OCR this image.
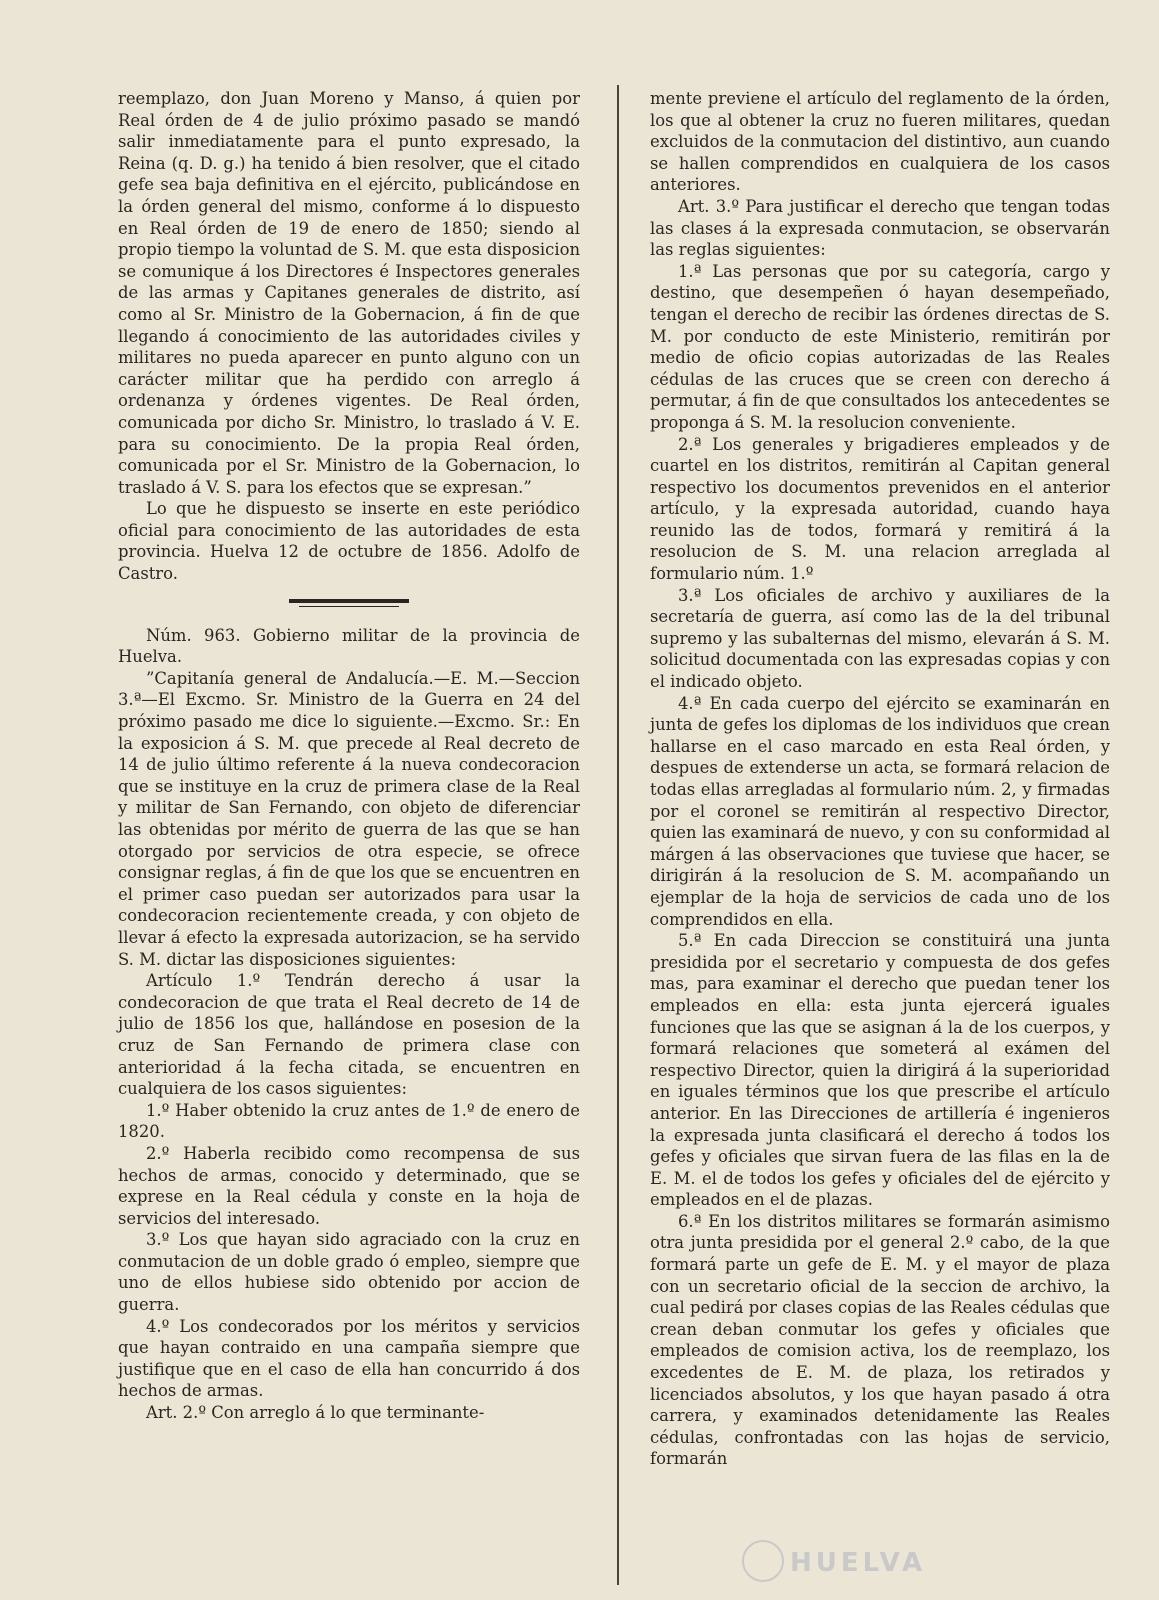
reemplazo, don Juan Moreno y Manso, á quien por Real órden de 4 de julio próximo pasado se mandó salir inmediatamente para el punto expresado, la Reina (q. D. g.) ha tenido á bien resolver, que el citado gefe sea baja definitiva en el ejército, publicándose en la órden general del mismo, conforme á lo dispuesto en Real órden de 19 de enero de 1850; siendo al propio tiempo la voluntad de S. M. que esta disposicion se comunique á los Directores é Inspectores generales de las armas y Capitanes generales de distrito, así como al Sr. Ministro de la Gobernacion, á fin de que llegando á conocimiento de las autoridades civiles y militares no pueda aparecer en punto alguno con un carácter militar que ha perdido con arreglo á ordenanza y órdenes vigentes. De Real órden, comunicada por dicho Sr. Ministro, lo traslado á V. E. para su conocimiento. De la propia Real órden, comunicada por el Sr. Ministro de la Gobernacion, lo traslado á V. S. para los efectos que se expresan.”

Lo que he dispuesto se inserte en este periódico oficial para conocimiento de las autoridades de esta provincia. Huelva 12 de octubre de 1856. Adolfo de Castro.

Núm. 963. Gobierno militar de la provincia de Huelva.

”Capitanía general de Andalucía.—E. M.—Seccion 3.ª—El Excmo. Sr. Ministro de la Guerra en 24 del próximo pasado me dice lo siguiente.—Excmo. Sr.: En la exposicion á S. M. que precede al Real decreto de 14 de julio último referente á la nueva condecoracion que se instituye en la cruz de primera clase de la Real y militar de San Fernando, con objeto de diferenciar las obtenidas por mérito de guerra de las que se han otorgado por servicios de otra especie, se ofrece consignar reglas, á fin de que los que se encuentren en el primer caso puedan ser autorizados para usar la condecoracion recientemente creada, y con objeto de llevar á efecto la expresada autorizacion, se ha servido S. M. dictar las disposiciones siguientes:

Artículo 1.º Tendrán derecho á usar la condecoracion de que trata el Real decreto de 14 de julio de 1856 los que, hallándose en posesion de la cruz de San Fernando de primera clase con anterioridad á la fecha citada, se encuentren en cualquiera de los casos siguientes:

1.º Haber obtenido la cruz antes de 1.º de enero de 1820.

2.º Haberla recibido como recompensa de sus hechos de armas, conocido y determinado, que se exprese en la Real cédula y conste en la hoja de servicios del interesado.

3.º Los que hayan sido agraciado con la cruz en conmutacion de un doble grado ó empleo, siempre que uno de ellos hubiese sido obtenido por accion de guerra.

4.º Los condecorados por los méritos y servicios que hayan contraido en una campaña siempre que justifique que en el caso de ella han concurrido á dos hechos de armas.

Art. 2.º Con arreglo á lo que terminante-

mente previene el artículo del reglamento de la órden, los que al obtener la cruz no fueren militares, quedan excluidos de la conmutacion del distintivo, aun cuando se hallen comprendidos en cualquiera de los casos anteriores.

Art. 3.º Para justificar el derecho que tengan todas las clases á la expresada conmutacion, se observarán las reglas siguientes:

1.ª Las personas que por su categoría, cargo y destino, que desempeñen ó hayan desempeñado, tengan el derecho de recibir las órdenes directas de S. M. por conducto de este Ministerio, remitirán por medio de oficio copias autorizadas de las Reales cédulas de las cruces que se creen con derecho á permutar, á fin de que consultados los antecedentes se proponga á S. M. la resolucion conveniente.

2.ª Los generales y brigadieres empleados y de cuartel en los distritos, remitirán al Capitan general respectivo los documentos prevenidos en el anterior artículo, y la expresada autoridad, cuando haya reunido las de todos, formará y remitirá á la resolucion de S. M. una relacion arreglada al formulario núm. 1.º

3.ª Los oficiales de archivo y auxiliares de la secretaría de guerra, así como las de la del tribunal supremo y las subalternas del mismo, elevarán á S. M. solicitud documentada con las expresadas copias y con el indicado objeto.

4.ª En cada cuerpo del ejército se examinarán en junta de gefes los diplomas de los individuos que crean hallarse en el caso marcado en esta Real órden, y despues de extenderse un acta, se formará relacion de todas ellas arregladas al formulario núm. 2, y firmadas por el coronel se remitirán al respectivo Director, quien las examinará de nuevo, y con su conformidad al márgen á las observaciones que tuviese que hacer, se dirigirán á la resolucion de S. M. acompañando un ejemplar de la hoja de servicios de cada uno de los comprendidos en ella.

5.ª En cada Direccion se constituirá una junta presidida por el secretario y compuesta de dos gefes mas, para examinar el derecho que puedan tener los empleados en ella: esta junta ejercerá iguales funciones que las que se asignan á la de los cuerpos, y formará relaciones que someterá al exámen del respectivo Director, quien la dirigirá á la superioridad en iguales términos que los que prescribe el artículo anterior. En las Direcciones de artillería é ingenieros la expresada junta clasificará el derecho á todos los gefes y oficiales que sirvan fuera de las filas en la de E. M. el de todos los gefes y oficiales del de ejército y empleados en el de plazas.

6.ª En los distritos militares se formarán asimismo otra junta presidida por el general 2.º cabo, de la que formará parte un gefe de E. M. y el mayor de plaza con un secretario oficial de la seccion de archivo, la cual pedirá por clases copias de las Reales cédulas que crean deban conmutar los gefes y oficiales que empleados de comision activa, los de reemplazo, los excedentes de E. M. de plaza, los retirados y licenciados absolutos, y los que hayan pasado á otra carrera, y examinados detenidamente las Reales cédulas, confrontadas con las hojas de servicio, formarán

HUELVA
